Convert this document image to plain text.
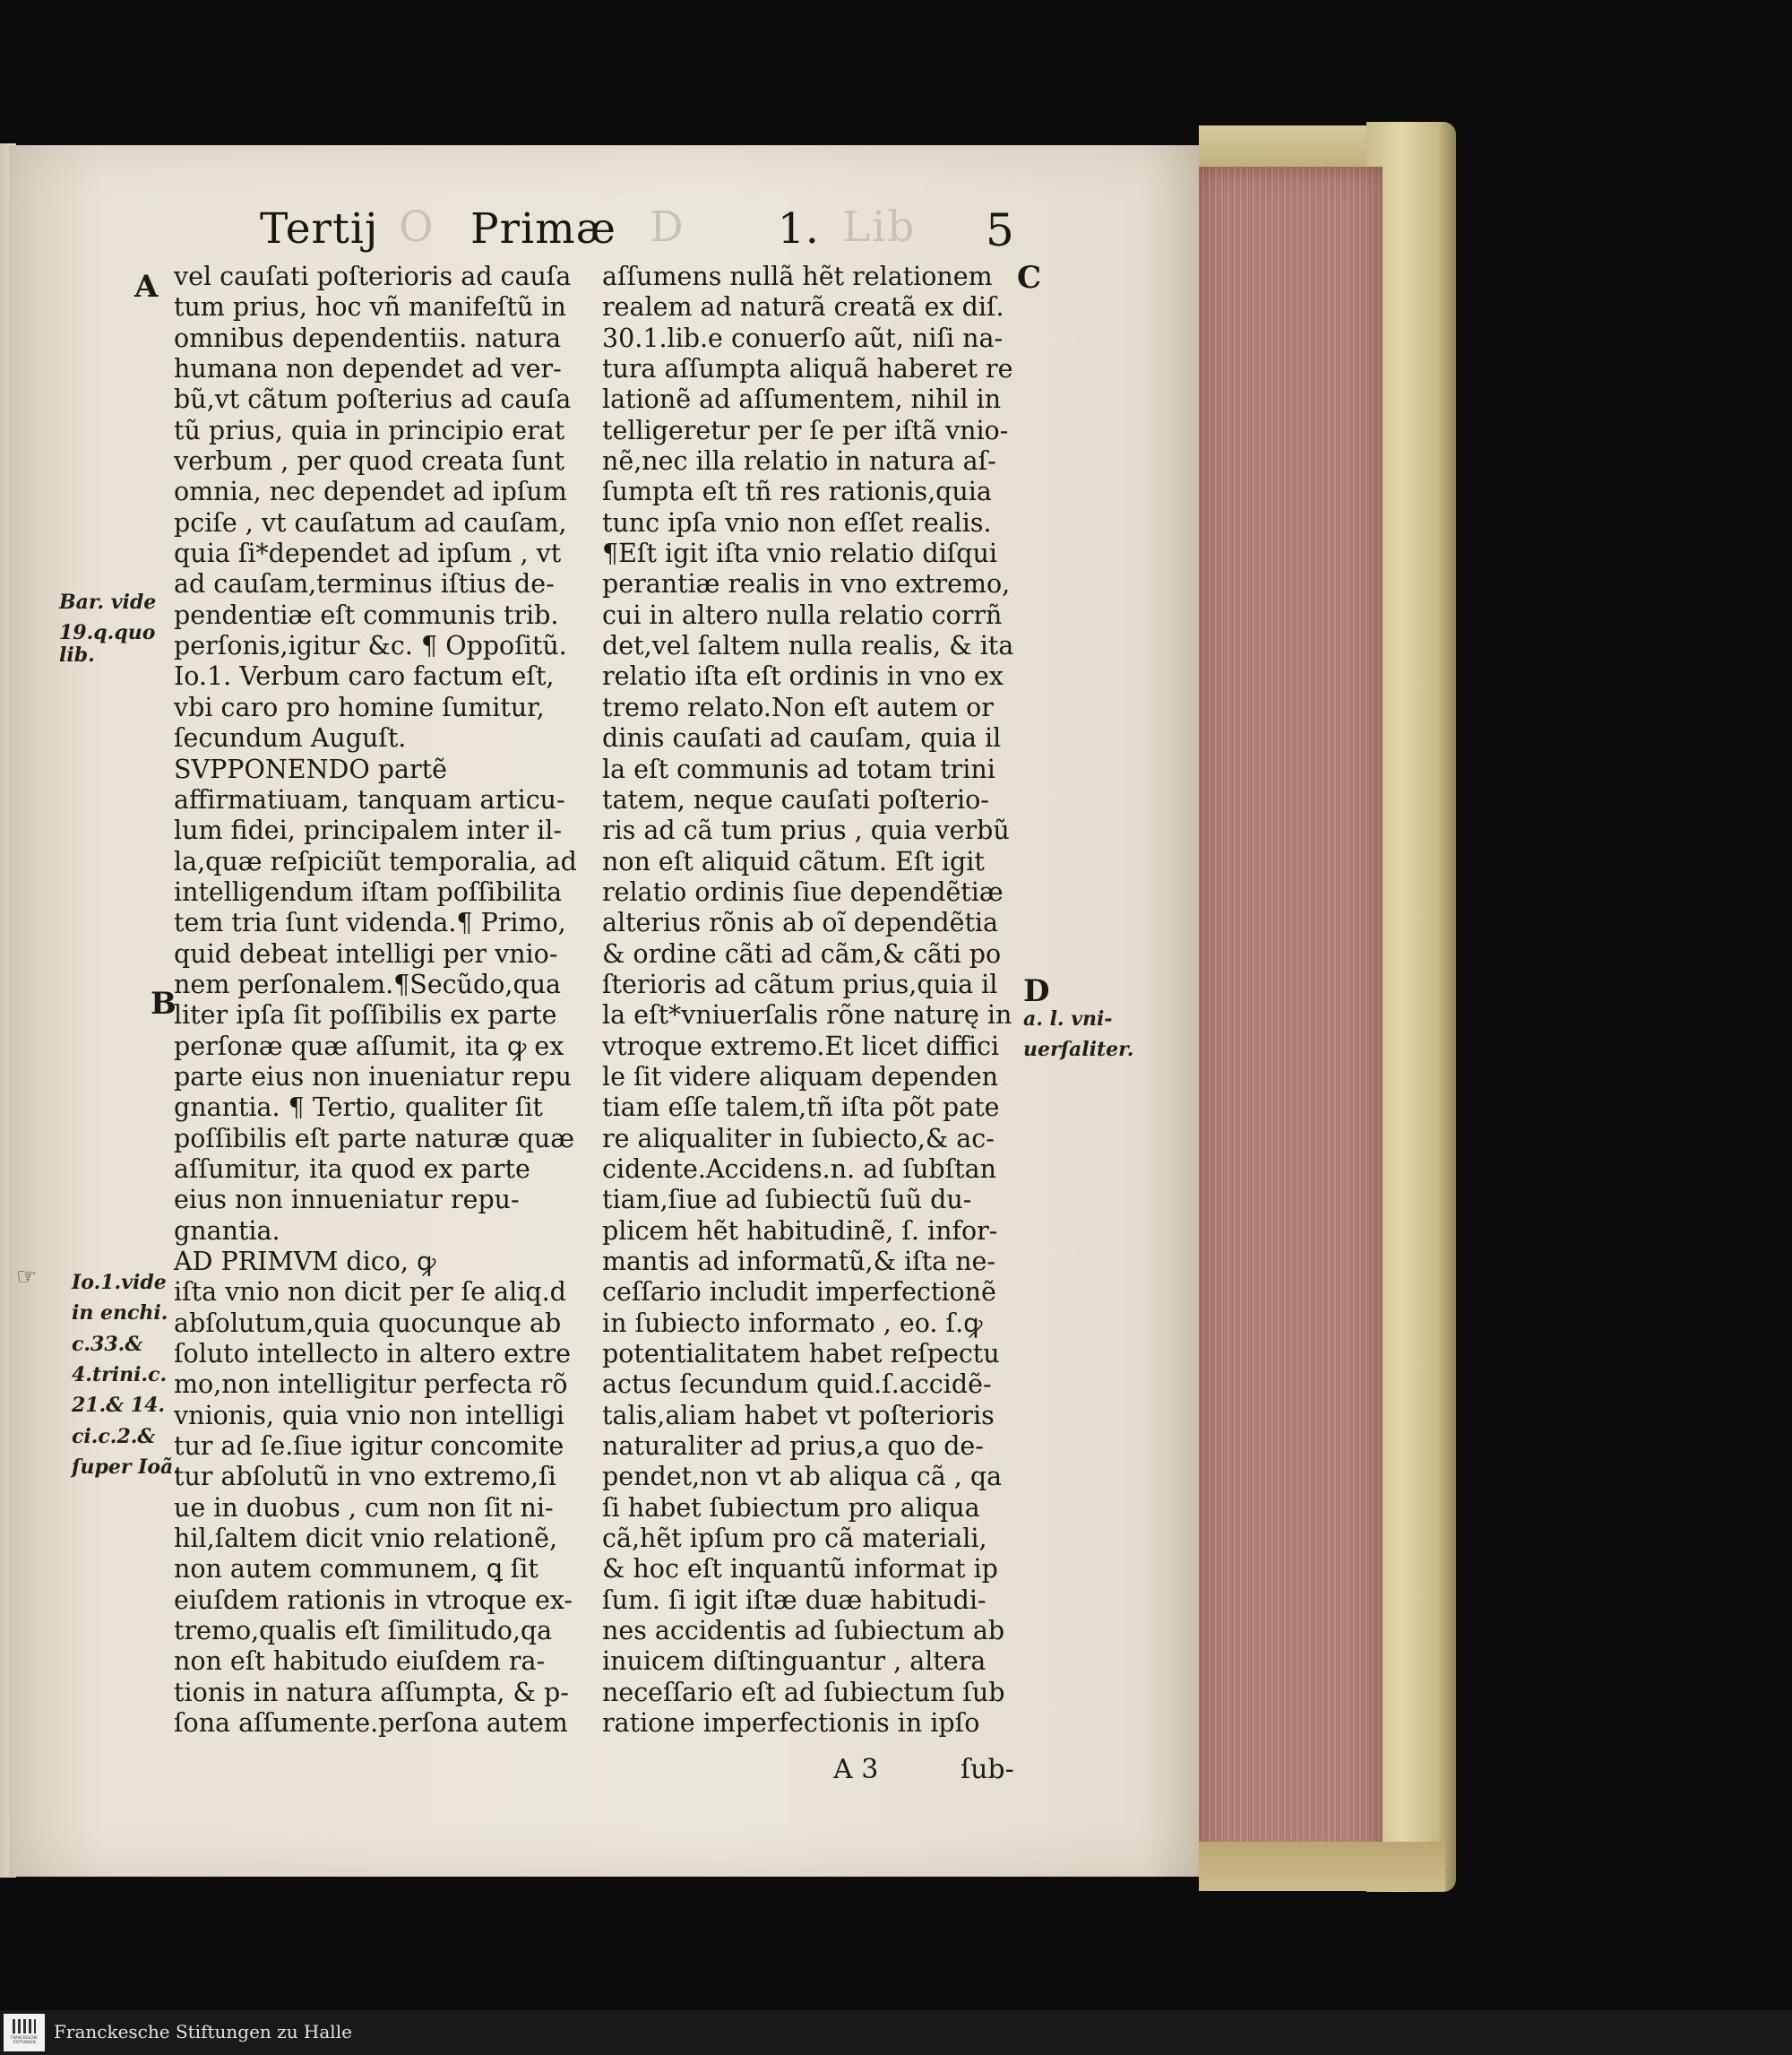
O	D	Lib
Tertij Primæ	1.	5
A
B
C
D
Bar. vide
19.q.quo
lib.
Io.1.vide
in enchi.
c.33.&
4.trini.c.
21.& 14.
ci.c.2.&
ſuper Ioã.
a. l. vni-
uerſaliter.
☞
vel cauſati poſterioris ad cauſa
tum prius, hoc vñ manifeſtũ in
omnibus dependentiis. natura
humana non dependet ad ver-
bũ,vt cãtum poſterius ad cauſa
tũ prius, quia in principio erat
verbum , per quod creata ſunt
omnia, nec dependet ad ipſum
pciſe , vt cauſatum ad cauſam,
quia ſi*dependet ad ipſum , vt
ad cauſam,terminus iſtius de-
pendentiæ eſt communis trib.
perſonis,igitur &c. ¶ Oppoſitũ.
Io.1. Verbum caro factum eſt,
vbi caro pro homine ſumitur,
ſecundum Auguſt.
SVPPONENDO partẽ
affirmatiuam, tanquam articu-
lum fidei, principalem inter il-
la,quæ reſpiciũt temporalia, ad
intelligendum iſtam poſſibilita
tem tria ſunt videnda.¶ Primo,
quid debeat intelligi per vnio-
nem perſonalem.¶Secũdo,qua
liter ipſa ſit poſſibilis ex parte
perſonæ quæ aſſumit, ita ꝙ ex
parte eius non inueniatur repu
gnantia. ¶ Tertio, qualiter ſit
poſſibilis eſt parte naturæ quæ
aſſumitur, ita quod ex parte
eius non innueniatur repu-
gnantia.
AD PRIMVM dico, ꝙ
iſta vnio non dicit per ſe aliq.d
abſolutum,quia quocunque ab
ſoluto intellecto in altero extre
mo,non intelligitur perfecta rõ
vnionis, quia vnio non intelligi
tur ad ſe.ſiue igitur concomite
tur abſolutũ in vno extremo,ſi
ue in duobus , cum non ſit ni-
hil,ſaltem dicit vnio relationẽ,
non autem communem, ꝗ ſit
eiuſdem rationis in vtroque ex-
tremo,qualis eſt ſimilitudo,qa
non eſt habitudo eiuſdem ra-
tionis in natura aſſumpta, & p-
ſona aſſumente.perſona autem
aſſumens nullã hẽt relationem
realem ad naturã creatã ex diſ.
30.1.lib.e conuerſo aũt, niſi na-
tura aſſumpta aliquã haberet re
lationẽ ad aſſumentem, nihil in
telligeretur per ſe per iſtã vnio-
nẽ,nec illa relatio in natura aſ-
ſumpta eſt tñ res rationis,quia
tunc ipſa vnio non eſſet realis.
¶Eſt igit iſta vnio relatio diſqui
perantiæ realis in vno extremo,
cui in altero nulla relatio corrñ
det,vel ſaltem nulla realis, & ita
relatio iſta eſt ordinis in vno ex
tremo relato.Non eſt autem or
dinis cauſati ad cauſam, quia il
la eſt communis ad totam trini
tatem, neque cauſati poſterio-
ris ad cã tum prius , quia verbũ
non eſt aliquid cãtum. Eſt igit
relatio ordinis ſiue dependẽtiæ
alterius rõnis ab oĩ dependẽtia
& ordine cãti ad cãm,& cãti po
ſterioris ad cãtum prius,quia il
la eſt*vniuerſalis rõne naturę in
vtroque extremo.Et licet diffici
le ſit videre aliquam dependen
tiam eſſe talem,tñ iſta põt pate
re aliqualiter in ſubiecto,& ac-
cidente.Accidens.n. ad ſubſtan
tiam,ſiue ad ſubiectũ ſuũ du-
plicem hẽt habitudinẽ, ſ. infor-
mantis ad informatũ,& iſta ne-
ceſſario includit imperfectionẽ
in ſubiecto informato , eo. ſ.ꝙ
potentialitatem habet reſpectu
actus ſecundum quid.ſ.accidẽ-
talis,aliam habet vt poſterioris
naturaliter ad prius,a quo de-
pendet,non vt ab aliqua cã , qa
ſi habet ſubiectum pro aliqua
cã,hẽt ipſum pro cã materiali,
& hoc eſt inquantũ informat ip
ſum. ſi igit iſtæ duæ habitudi-
nes accidentis ad ſubiectum ab
inuicem diſtinguantur , altera
neceſſario eſt ad ſubiectum ſub
ratione imperfectionis in ipſo
A 3	ſub-
FRANCKESCHE STIFTUNGEN	Franckesche Stiftungen zu Halle
